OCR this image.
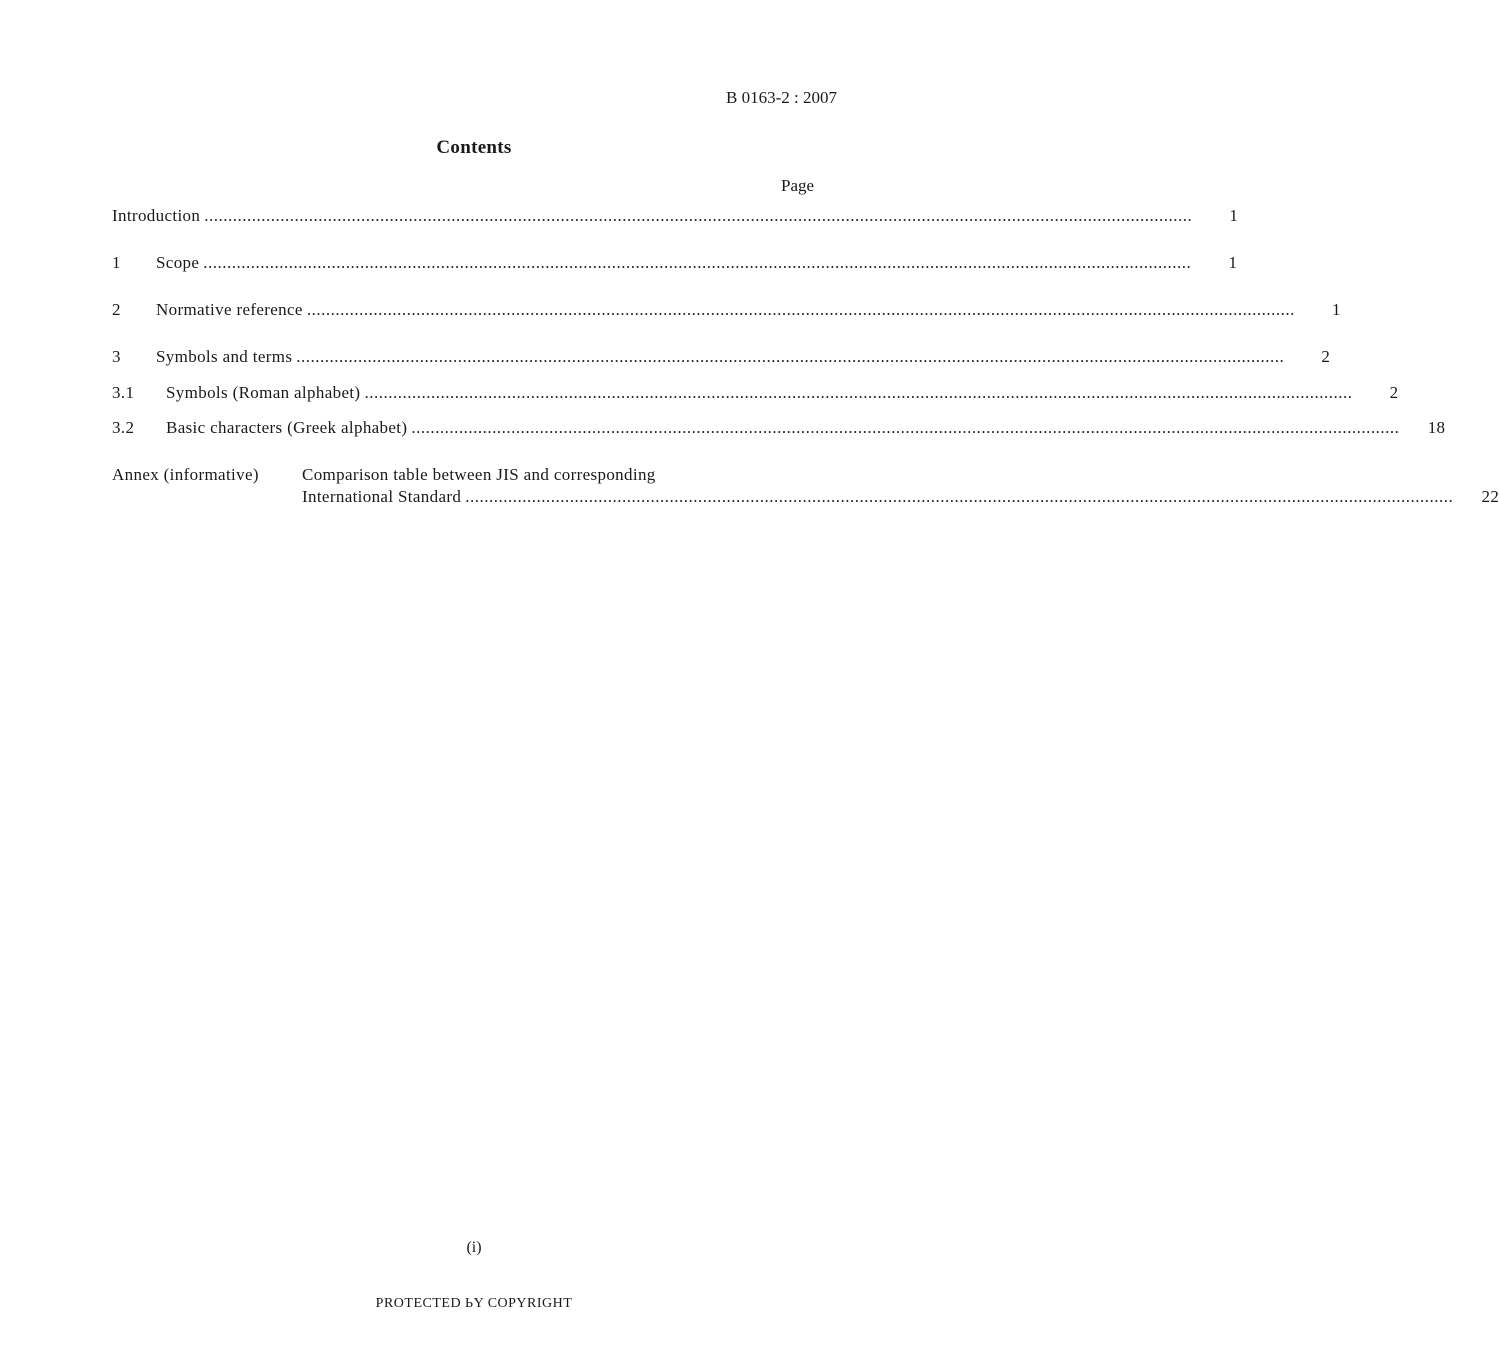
B 0163-2 : 2007
Contents
Page
Introduction ................................................................................................................................................................................................................	1
1	Scope ................................................................................................................................................................................................................	1
2	Normative reference ................................................................................................................................................................................................................	1
3	Symbols and terms ................................................................................................................................................................................................................	2
3.1	Symbols (Roman alphabet) ................................................................................................................................................................................................................	2
3.2	Basic characters (Greek alphabet) ................................................................................................................................................................................................................	18
Annex (informative)	Comparison table between JIS and corresponding
International Standard ................................................................................................................................................................................................................	22
(i)
PROTECTED ЬY COPYRIGHT
